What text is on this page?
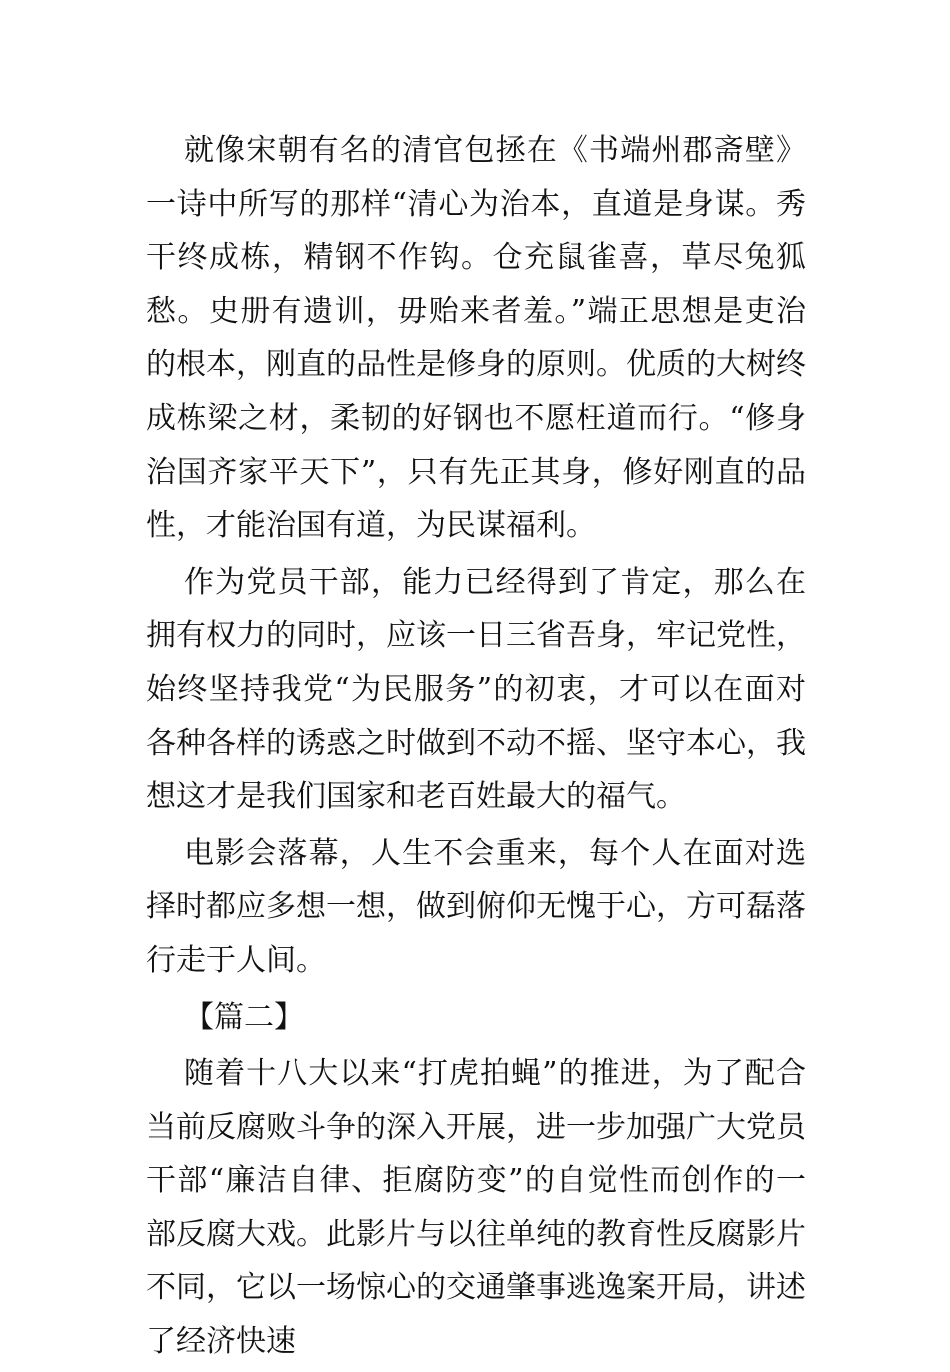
就像宋朝有名的清官包拯在《书端州郡斋壁》一诗中所写的那样“清心为治本，直道是身谋。秀干终成栋，精钢不作钩。仓充鼠雀喜，草尽兔狐愁。史册有遗训，毋贻来者羞。”端正思想是吏治的根本，刚直的品性是修身的原则。优质的大树终成栋梁之材，柔韧的好钢也不愿枉道而行。“修身治国齐家平天下”，只有先正其身，修好刚直的品性，才能治国有道，为民谋福利。

作为党员干部，能力已经得到了肯定，那么在拥有权力的同时，应该一日三省吾身，牢记党性，始终坚持我党“为民服务”的初衷，才可以在面对各种各样的诱惑之时做到不动不摇、坚守本心，我想这才是我们国家和老百姓最大的福气。

电影会落幕，人生不会重来，每个人在面对选择时都应多想一想，做到俯仰无愧于心，方可磊落行走于人间。

【篇二】

随着十八大以来“打虎拍蝇”的推进，为了配合当前反腐败斗争的深入开展，进一步加强广大党员干部“廉洁自律、拒腐防变”的自觉性而创作的一部反腐大戏。此影片与以往单纯的教育性反腐影片不同，它以一场惊心的交通肇事逃逸案开局，讲述了经济快速
